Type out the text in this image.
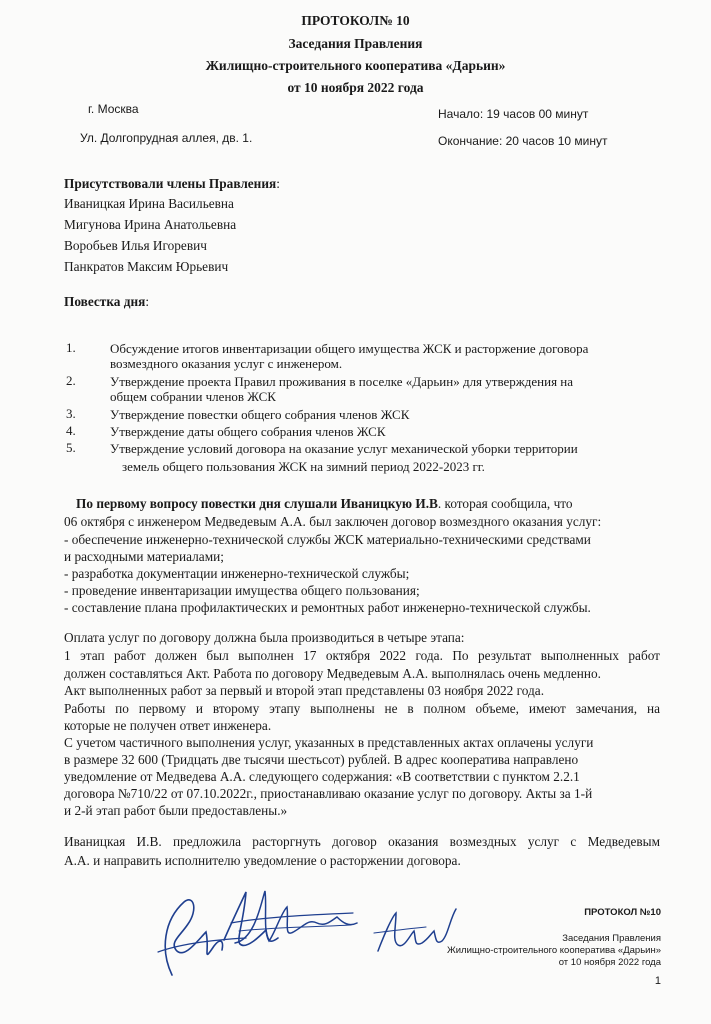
ПРОТОКОЛ№ 10
Заседания Правления
Жилищно-строительного кооператива «Дарьин»
от 10 ноября 2022 года
г. Москва	Начало: 19 часов 00 минут
Ул. Долгопрудная аллея, дв. 1.	Окончание: 20 часов 10 минут
Присутствовали члены Правления:
Иваницкая Ирина Васильевна
Мигунова Ирина Анатольевна
Воробьев Илья Игоревич
Панкратов Максим Юрьевич
Повестка дня:
1.	Обсуждение итогов инвентаризации общего имущества ЖСК и расторжение договора
возмездного оказания услуг с инженером.
2.	Утверждение проекта Правил проживания в поселке «Дарьин» для утверждения на
общем собрании членов ЖСК
3.	Утверждение повестки общего собрания членов ЖСК
4.	Утверждение даты общего собрания членов ЖСК
5.	Утверждение условий договора на оказание услуг механической уборки территории
земель общего пользования ЖСК на зимний период 2022-2023 гг.
По первому вопросу повестки дня слушали Иваницкую И.В. которая сообщила, что
06 октября с инженером Медведевым А.А. был заключен договор возмездного оказания услуг:
- обеспечение инженерно-технической службы ЖСК материально-техническими средствами
и расходными материалами;
- разработка документации инженерно-технической службы;
- проведение инвентаризации имущества общего пользования;
- составление плана профилактических и ремонтных работ инженерно-технической службы.
Оплата услуг по договору должна была производиться в четыре этапа:
1 этап работ должен был выполнен 17 октября 2022 года. По результат выполненных работ
должен составляться Акт. Работа по договору Медведевым А.А. выполнялась очень медленно.
Акт выполненных работ за первый и второй этап представлены 03 ноября 2022 года.
Работы по первому и второму этапу выполнены не в полном объеме, имеют замечания, на
которые не получен ответ инженера.
С учетом частичного выполнения услуг, указанных в представленных актах оплачены услуги
в размере 32 600 (Тридцать две тысячи шестьсот) рублей. В адрес кооператива направлено
уведомление от Медведева А.А. следующего содержания: «В соответствии с пунктом 2.2.1
договора №710/22 от 07.10.2022г., приостанавливаю оказание услуг по договору. Акты за 1-й
и 2-й этап работ были предоставлены.»
Иваницкая И.В. предложила расторгнуть договор оказания возмездных услуг с Медведевым
А.А. и направить исполнителю уведомление о расторжении договора.
ПРОТОКОЛ №10
Заседания Правления
Жилищно-строительного кооператива «Дарьин»
от 10 ноября 2022 года
1
